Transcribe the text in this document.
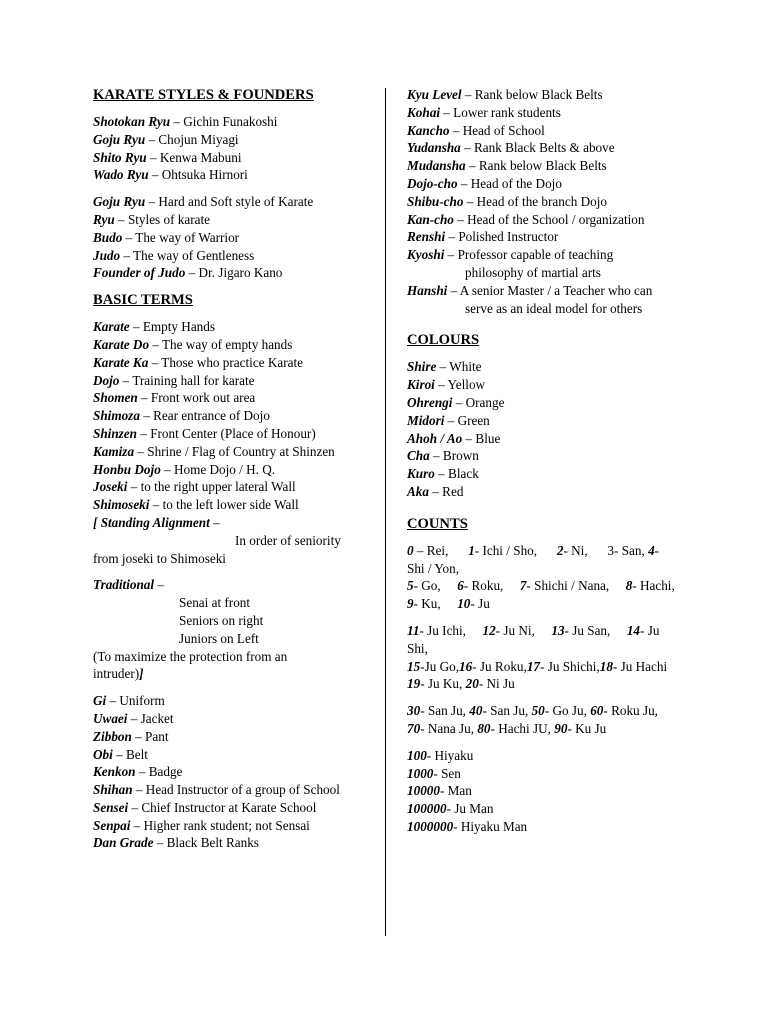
KARATE STYLES & FOUNDERS

Shotokan Ryu – Gichin Funakoshi
Goju Ryu – Chojun Miyagi
Shito Ryu – Kenwa Mabuni
Wado Ryu – Ohtsuka Hirnori
Goju Ryu – Hard and Soft style of Karate
Ryu – Styles of karate
Budo – The way of Warrior
Judo – The way of Gentleness
Founder of Judo – Dr. Jigaro Kano

BASIC TERMS

Karate – Empty Hands
Karate Do – The way of empty hands
Karate Ka – Those who practice Karate
Dojo – Training hall for karate
Shomen – Front work out area
Shimoza – Rear entrance of Dojo
Shinzen – Front Center (Place of Honour)
Kamiza – Shrine / Flag of Country at Shinzen
Honbu Dojo – Home Dojo / H. Q.
Joseki – to the right upper lateral Wall
Shimoseki – to the left lower side Wall
[ Standing Alignment –
In order of seniority
from joseki to Shimoseki
Traditional –
Senai at front
Seniors on right
Juniors on Left
(To maximize the protection from an
intruder)]
Gi – Uniform
Uwaei – Jacket
Zibbon – Pant
Obi – Belt
Kenkon – Badge
Shihan – Head Instructor of a group of School
Sensei – Chief Instructor at Karate School
Senpai – Higher rank student; not Sensai
Dan Grade – Black Belt Ranks
Kyu Level – Rank below Black Belts
Kohai – Lower rank students
Kancho – Head of School
Yudansha – Rank Black Belts & above
Mudansha – Rank below Black Belts
Dojo-cho – Head of the Dojo
Shibu-cho – Head of the branch Dojo
Kan-cho – Head of the School / organization
Renshi – Polished Instructor
Kyoshi – Professor capable of teaching
philosophy of martial arts
Hanshi – A senior Master / a Teacher who can
serve as an ideal model for others

COLOURS

Shire – White
Kiroi – Yellow
Ohrengi – Orange
Midori – Green
Ahoh / Ao – Blue
Cha – Brown
Kuro – Black
Aka – Red

COUNTS

0 – Rei,      1- Ichi / Sho,      2- Ni,      3- San, 4- Shi / Yon,
5- Go,     6- Roku,     7- Shichi / Nana,     8- Hachi,
9- Ku,     10- Ju
11- Ju Ichi,     12- Ju Ni,     13- Ju San,     14- Ju Shi,
15-Ju Go,16- Ju Roku,17- Ju Shichi,18- Ju Hachi
19- Ju Ku, 20- Ni Ju
30- San Ju, 40- San Ju, 50- Go Ju, 60- Roku Ju,
70- Nana Ju, 80- Hachi JU, 90- Ku Ju
100- Hiyaku
1000- Sen
10000- Man
100000- Ju Man
1000000- Hiyaku Man
